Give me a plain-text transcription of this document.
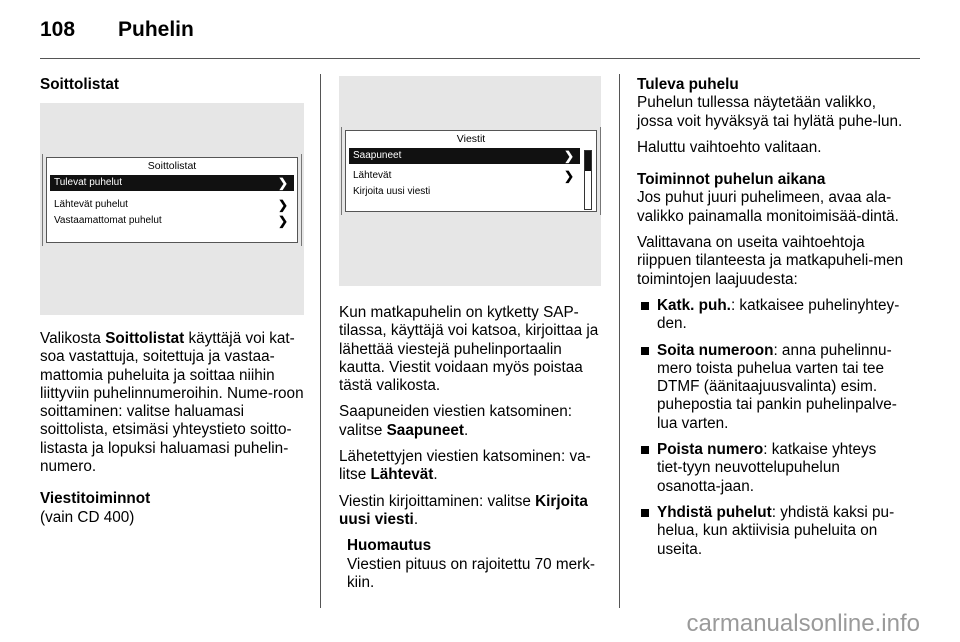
108 Puhelin
Soittolistat
Soittolistat
Tulevat puhelut	❯
Lähtevät puhelut	❯
Vastaamattomat puhelut	❯

Valikosta Soittolistat käyttäjä voi kat-soa vastattuja, soitettuja ja vastaa-mattomia puheluita ja soittaa niihin liittyviin puhelinnumeroihin. Nume-roon soittaminen: valitse haluamasi soittolista, etsimäsi yhteystieto soitto-listasta ja lopuksi haluamasi puhelin-numero.

Viestitoiminnot

(vain CD 400)

Viestit
Saapuneet	❯
Lähtevät	❯
Kirjoita uusi viesti

Kun matkapuhelin on kytketty SAP-tilassa, käyttäjä voi katsoa, kirjoittaa ja lähettää viestejä puhelinportaalin kautta. Viestit voidaan myös poistaa tästä valikosta.

Saapuneiden viestien katsominen: valitse Saapuneet.

Lähetettyjen viestien katsominen: va-litse Lähtevät.

Viestin kirjoittaminen: valitse Kirjoita uusi viesti.

Huomautus

Viestien pituus on rajoitettu 70 merk-kiin.

Tuleva puhelu

Puhelun tullessa näytetään valikko, jossa voit hyväksyä tai hylätä puhe-lun.

Haluttu vaihtoehto valitaan.

Toiminnot puhelun aikana

Jos puhut juuri puhelimeen, avaa ala-valikko painamalla monitoimisää-dintä.

Valittavana on useita vaihtoehtoja riippuen tilanteesta ja matkapuheli-men toimintojen laajuudesta:

Katk. puh.: katkaisee puhelinyhtey-den.
Soita numeroon: anna puhelinnu-mero toista puhelua varten tai tee DTMF (äänitaajuusvalinta) esim. puhepostia tai pankin puhelinpalve-lua varten.
Poista numero: katkaise yhteys tiet-tyyn neuvottelupuhelun osanotta-jaan.
Yhdistä puhelut: yhdistä kaksi pu-helua, kun aktiivisia puheluita on useita.
carmanualsonline.info
